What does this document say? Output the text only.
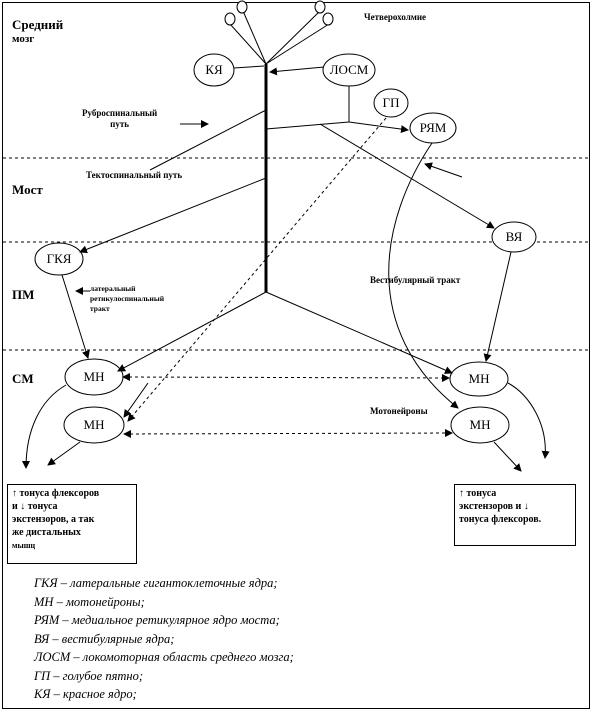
Средний
мозг
Мост
ПМ
СМ
КЯ	ЛОСМ
ГП
РЯМ
ВЯ
ГКЯ
МН
МН
МН
МН
Четверохолмие
Руброспинальный
путь
Тектоспинальный путь
латеральный
ретикулоспинальный
тракт
Вестибулярный тракт
Мотонейроны
↑ тонуса флексоров
и ↓ тонуса
экстензоров, а так
же дистальных
мышц
↑ тонуса
экстензоров и ↓
тонуса флексоров.
ГКЯ – латеральные гигантоклеточные ядра;
МН – мотонейроны;
РЯМ – медиальное ретикулярное ядро моста;
ВЯ – вестибулярные ядра;
ЛОСМ – локомоторная область среднего мозга;
ГП – голубое пятно;
КЯ – красное ядро;
